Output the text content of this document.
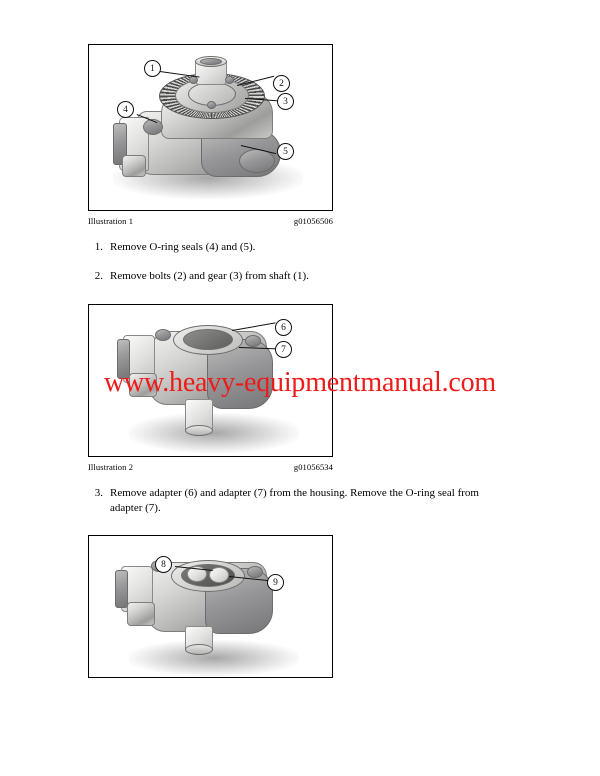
1
2
3
4
5
Illustration 1	g01056506
1. Remove O-ring seals (4) and (5).
2. Remove bolts (2) and gear (3) from shaft (1).
6
7
Illustration 2	g01056534
3. Remove adapter (6) and adapter (7) from the housing. Remove the O-ring seal from adapter (7).
8
9
www.heavy-equipmentmanual.com
